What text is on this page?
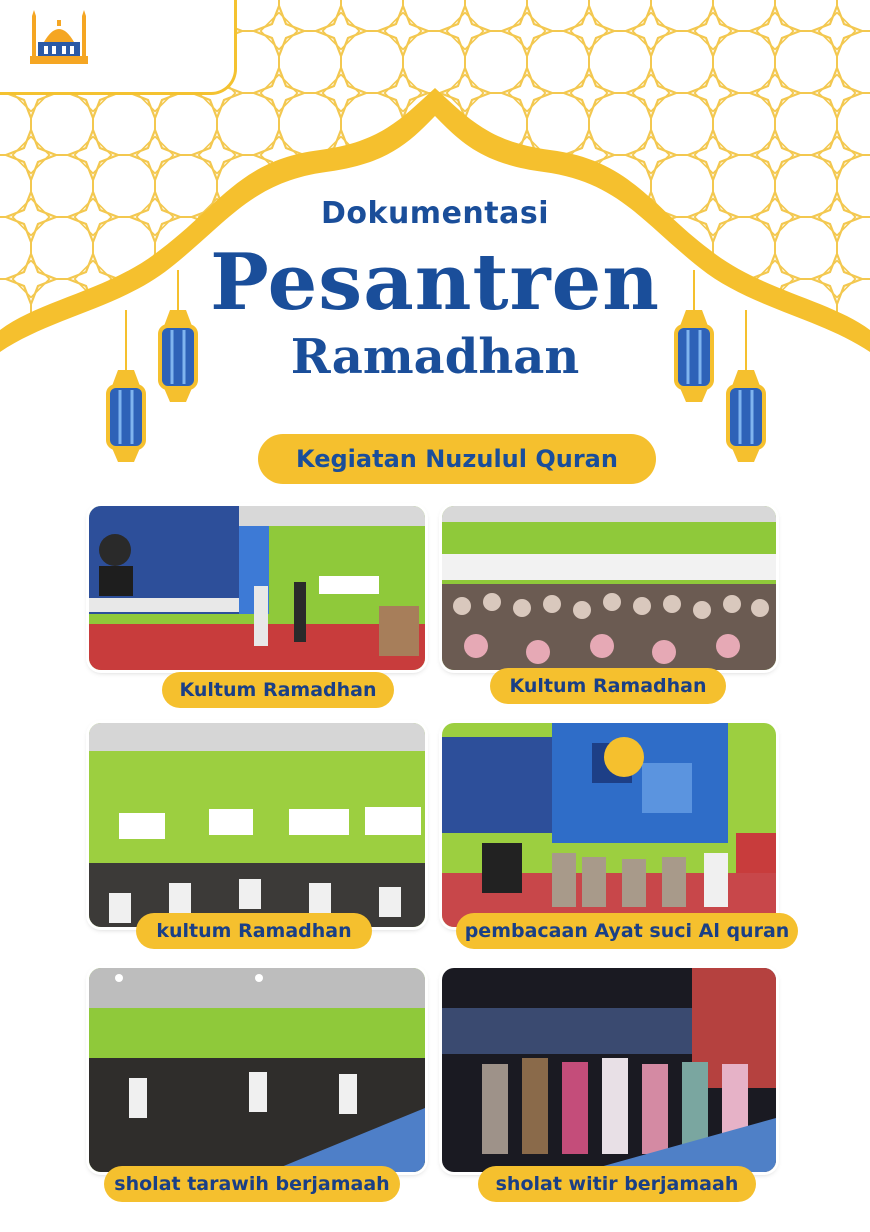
Dokumentasi
Pesantren
Ramadhan
Kegiatan Nuzulul Quran
Kultum Ramadhan	Kultum Ramadhan
kultum Ramadhan	pembacaan Ayat suci Al quran
sholat tarawih berjamaah	sholat witir berjamaah
